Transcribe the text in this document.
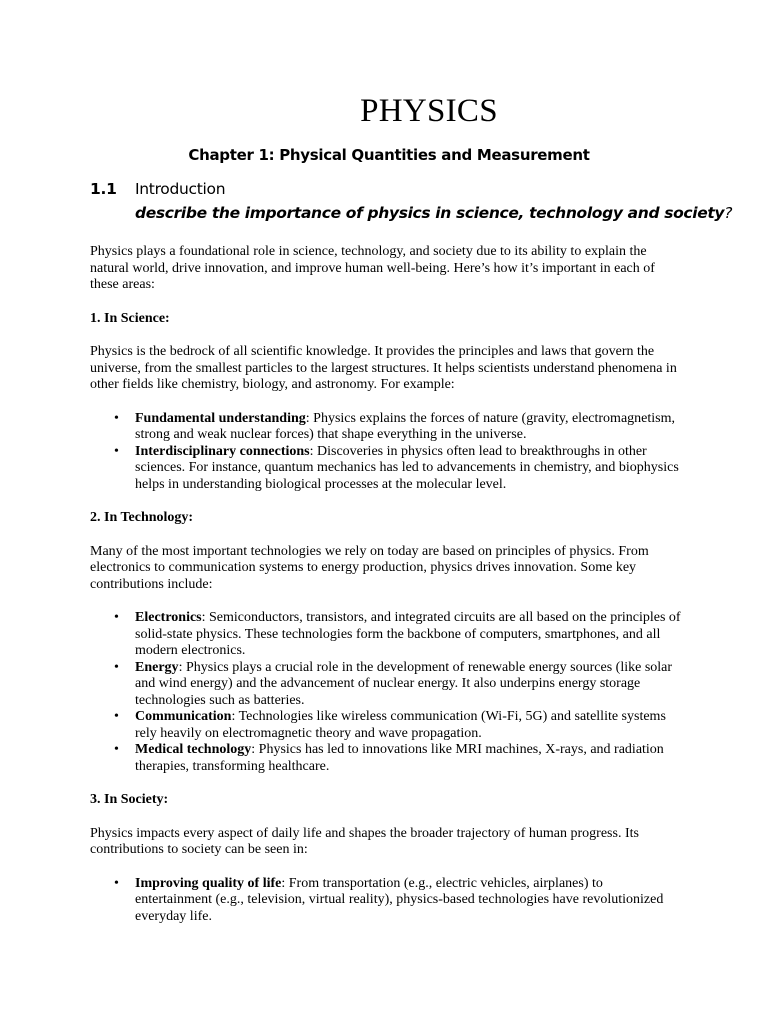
PHYSICS
Chapter 1: Physical Quantities and Measurement
1.1 Introduction
describe the importance of physics in science, technology and society?

Physics plays a foundational role in science, technology, and society due to its ability to explain the natural world, drive innovation, and improve human well-being. Here’s how it’s important in each of these areas:

1. In Science:

Physics is the bedrock of all scientific knowledge. It provides the principles and laws that govern the universe, from the smallest particles to the largest structures. It helps scientists understand phenomena in other fields like chemistry, biology, and astronomy. For example:

• Fundamental understanding: Physics explains the forces of nature (gravity, electromagnetism, strong and weak nuclear forces) that shape everything in the universe.
• Interdisciplinary connections: Discoveries in physics often lead to breakthroughs in other sciences. For instance, quantum mechanics has led to advancements in chemistry, and biophysics helps in understanding biological processes at the molecular level.

2. In Technology:

Many of the most important technologies we rely on today are based on principles of physics. From electronics to communication systems to energy production, physics drives innovation. Some key contributions include:

• Electronics: Semiconductors, transistors, and integrated circuits are all based on the principles of solid-state physics. These technologies form the backbone of computers, smartphones, and all modern electronics.
• Energy: Physics plays a crucial role in the development of renewable energy sources (like solar and wind energy) and the advancement of nuclear energy. It also underpins energy storage technologies such as batteries.
• Communication: Technologies like wireless communication (Wi-Fi, 5G) and satellite systems rely heavily on electromagnetic theory and wave propagation.
• Medical technology: Physics has led to innovations like MRI machines, X-rays, and radiation therapies, transforming healthcare.

3. In Society:

Physics impacts every aspect of daily life and shapes the broader trajectory of human progress. Its contributions to society can be seen in:

• Improving quality of life: From transportation (e.g., electric vehicles, airplanes) to entertainment (e.g., television, virtual reality), physics-based technologies have revolutionized everyday life.
